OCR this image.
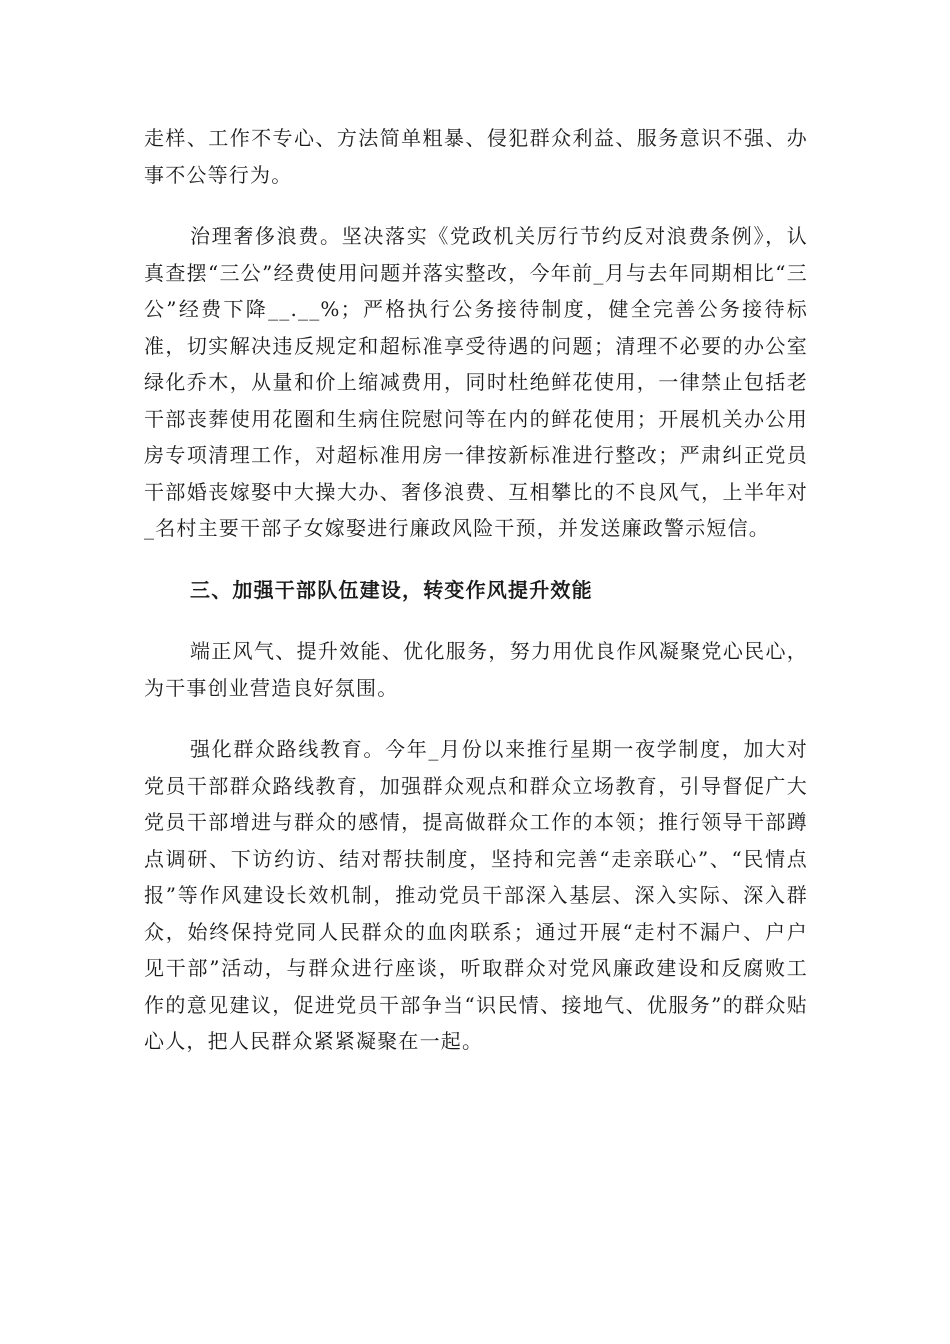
走样、工作不专心、方法简单粗暴、侵犯群众利益、服务意识不强、办事不公等行为。

治理奢侈浪费。坚决落实《党政机关厉行节约反对浪费条例》，认真查摆“三公”经费使用问题并落实整改，今年前_月与去年同期相比“三公”经费下降__.__%；严格执行公务接待制度，健全完善公务接待标准，切实解决违反规定和超标准享受待遇的问题；清理不必要的办公室绿化乔木，从量和价上缩减费用，同时杜绝鲜花使用，一律禁止包括老干部丧葬使用花圈和生病住院慰问等在内的鲜花使用；开展机关办公用房专项清理工作，对超标准用房一律按新标准进行整改；严肃纠正党员干部婚丧嫁娶中大操大办、奢侈浪费、互相攀比的不良风气，上半年对_名村主要干部子女嫁娶进行廉政风险干预，并发送廉政警示短信。

三、加强干部队伍建设，转变作风提升效能

端正风气、提升效能、优化服务，努力用优良作风凝聚党心民心，为干事创业营造良好氛围。

强化群众路线教育。今年_月份以来推行星期一夜学制度，加大对党员干部群众路线教育，加强群众观点和群众立场教育，引导督促广大党员干部增进与群众的感情，提高做群众工作的本领；推行领导干部蹲点调研、下访约访、结对帮扶制度，坚持和完善“走亲联心”、“民情点报”等作风建设长效机制，推动党员干部深入基层、深入实际、深入群众，始终保持党同人民群众的血肉联系；通过开展“走村不漏户、户户见干部”活动，与群众进行座谈，听取群众对党风廉政建设和反腐败工作的意见建议，促进党员干部争当“识民情、接地气、优服务”的群众贴心人，把人民群众紧紧凝聚在一起。
